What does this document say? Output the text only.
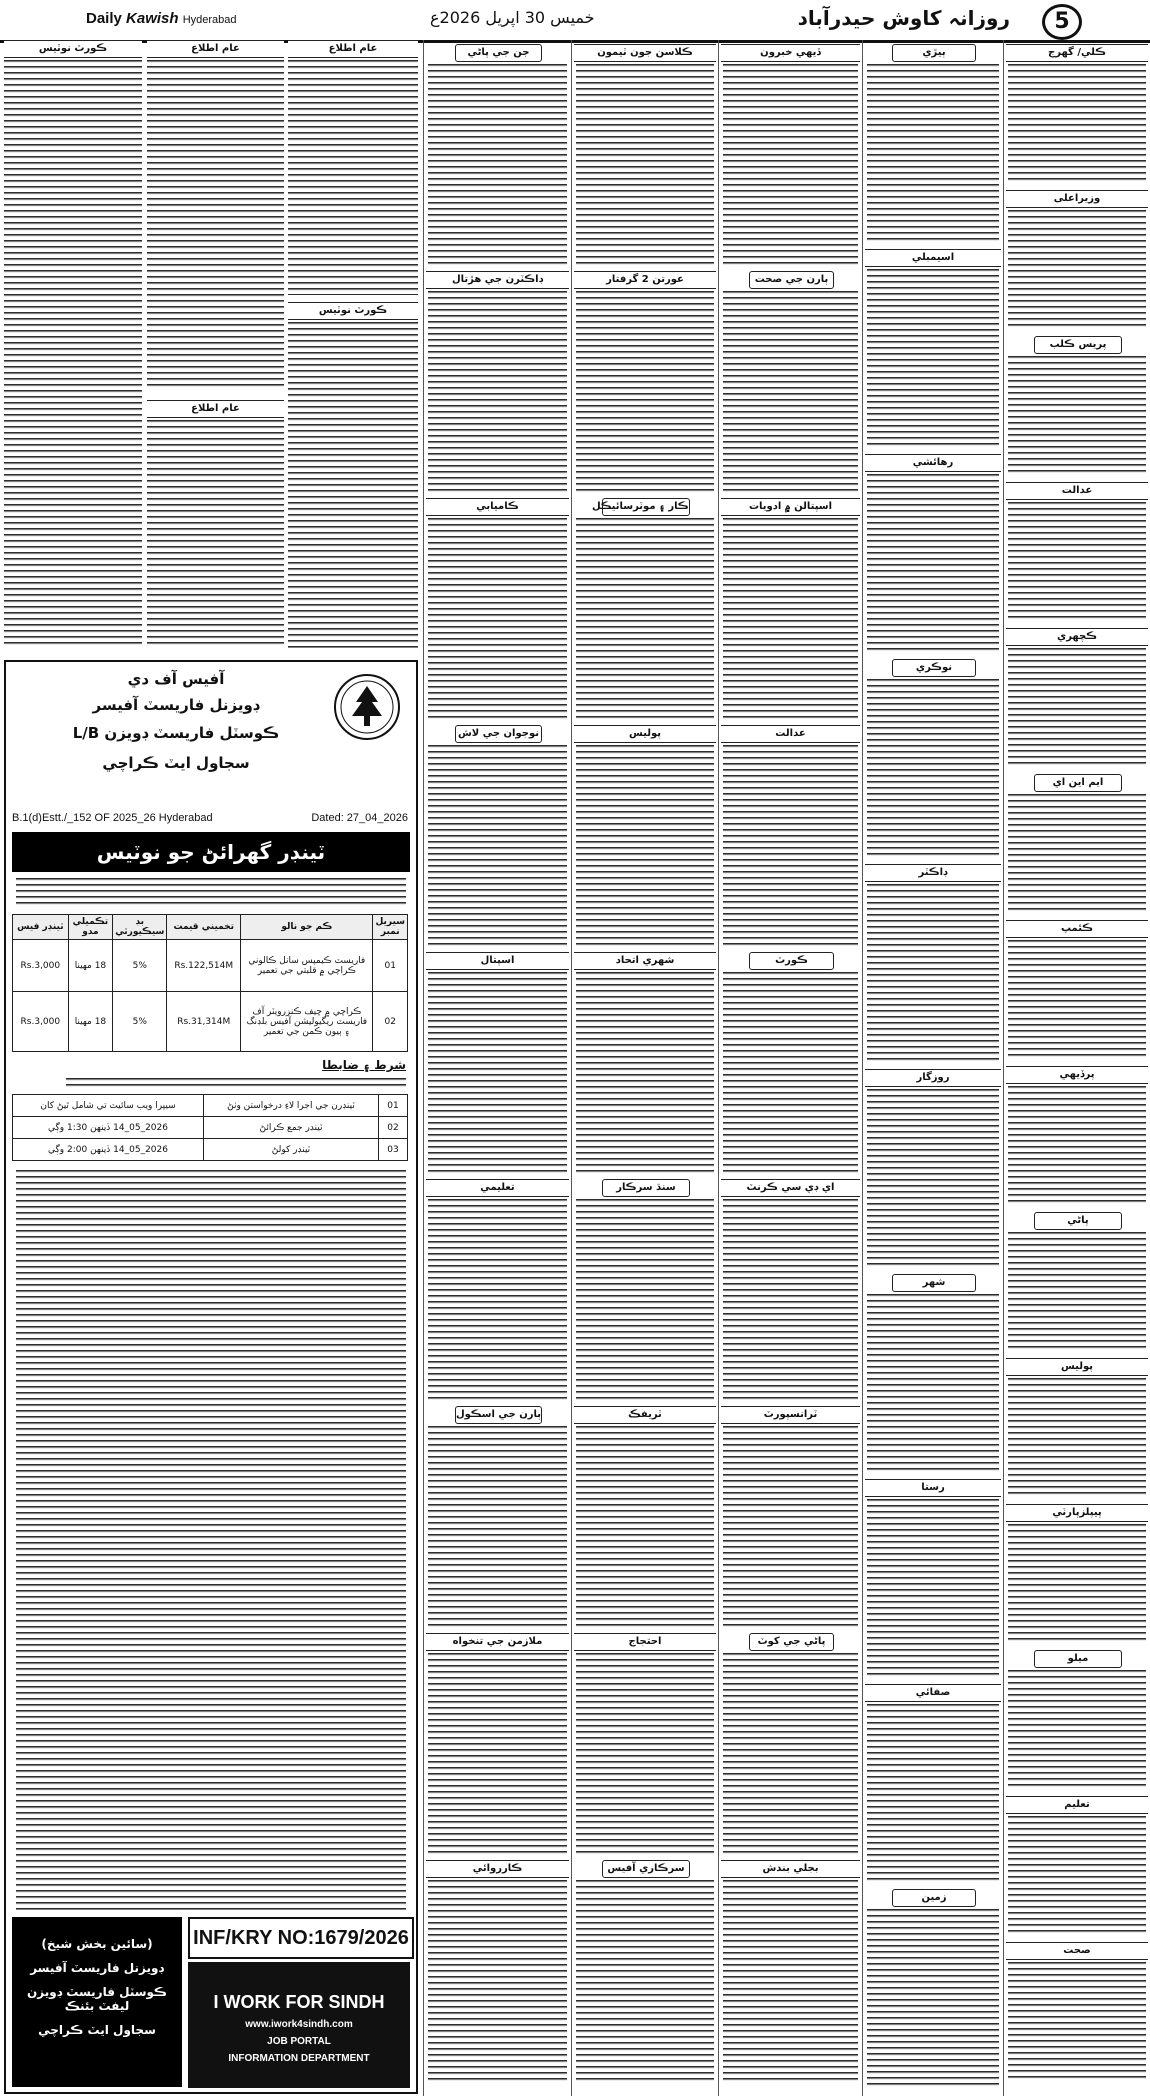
5
روزانہ کاوش حیدرآباد
خمیس 30 اپریل 2026ع
Daily Kawish Hyderabad
عام اطلاع
ڪورٽ نوٽيس
عام اطلاع
عام اطلاع
ڪورٽ نوٽيس
آفيس آف دي
ڊويزنل فاريسٽ آفيسر
ڪوسٽل فاريسٽ ڊويزن L/B
سجاول ايٽ ڪراچي
B.1(d)Estt./_152 OF 2025_26 Hyderabad	Dated: 27_04_2026
ٽينڊر گهرائڻ جو نوٽيس
سيريل نمبر	ڪم جو نالو	تخميني قيمت	بڊ سيڪيورٽي	تڪميلي مدو	ٽينڊر فيس
01	فاريسٽ ڪيمپس سانل ڪالوني ڪراچي ۾ قلبتي جي تعمير	Rs.122,514M	5%	18 مهينا	Rs.3,000
02	ڪراچي ۾ چيف ڪنزرويٽر آف فاريسٽ ريگيوليشن آفيس بلڊنگ ۽ ٻيون ڪمن جي تعمير	Rs.31,314M	5%	18 مهينا	Rs.3,000
شرط ۽ ضابطا
01	ٽينڊرن جي اجرا لاءِ درخواستن وٺڻ	سيپرا ويب سائيٽ تي شامل ٿيڻ کان
02	ٽينڊر جمع ڪرائڻ	2026_05_14 ڏينهن 1:30 وڳي
03	ٽينڊر کولڻ	2026_05_14 ڏينهن 2:00 وڳي
(سائين بخش شيخ)
ڊويزنل فاريسٽ آفيسر
ڪوسٽل فاريسٽ ڊويزن ليفٽ بئنڪ
سجاول ايٽ ڪراچي
INF/KRY NO:1679/2026
I WORK FOR SINDH
www.iwork4sindh.com
JOB PORTAL
INFORMATION DEPARTMENT
جن جي پاڻي
ڊاڪٽرن جي هڙتال
ڪاميابي
نوجوان جي لاش
اسپتال
تعليمي
ٻارن جي اسڪول
ملازمن جي تنخواه
ڪارروائي
ڪلاسن جون ٽيمون
عورتن 2 گرفتار
ڪار ۽ موٽرسائيڪل
پوليس
شهري اتحاد
سنڌ سرڪار
ٽريفڪ
احتجاج
سرڪاري آفيس
ڏيهي خبرون
ٻارن جي صحت
اسپتالن ۾ ادويات
عدالت
ڪورٽ
اي ڊي سي ڪرنٽ
ٽرانسپورٽ
پاڻي جي کوٽ
بجلي بندش
ٻيڙي
اسيمبلي
رهائشي
نوڪري
ڊاڪٽر
روزگار
شهر
رستا
صفائي
زمين
ڪلي/ گهرج
وزيراعلى
پريس ڪلب
عدالت
ڪچهري
ايم اين اي
ڪئمپ
پرڏيهي
پاڻي
پوليس
پيپلزپارٽي
ميلو
تعليم
صحت
